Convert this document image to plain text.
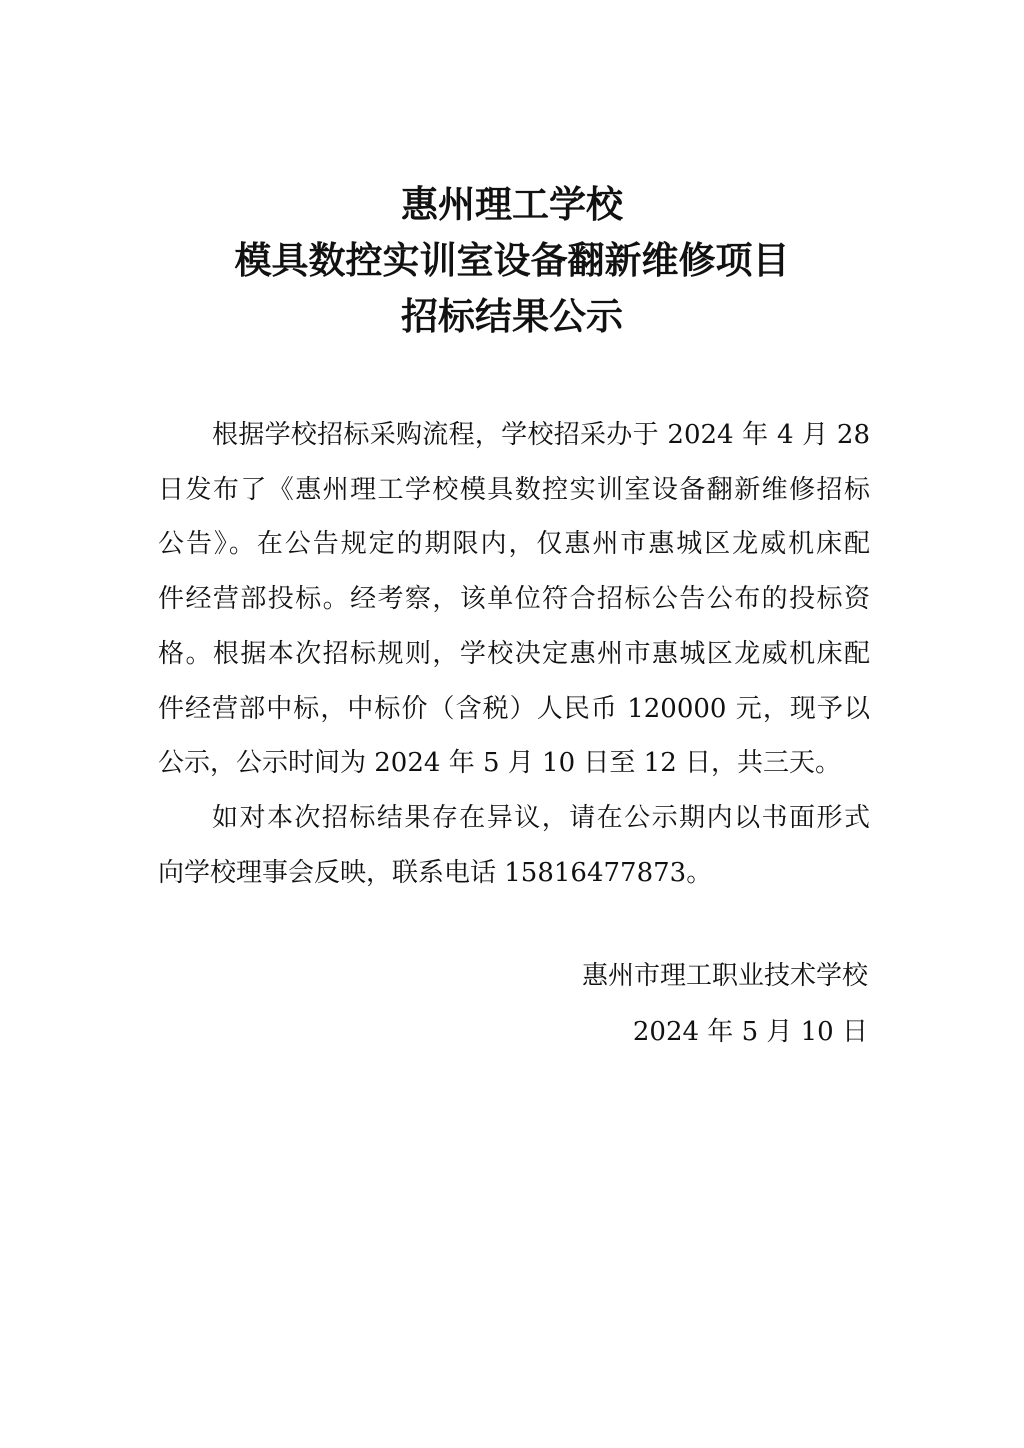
惠州理工学校
模具数控实训室设备翻新维修项目
招标结果公示
根据学校招标采购流程，学校招采办于 2024 年 4 月 28
日发布了《惠州理工学校模具数控实训室设备翻新维修招标
公告》。在公告规定的期限内，仅惠州市惠城区龙威机床配
件经营部投标。经考察，该单位符合招标公告公布的投标资
格。根据本次招标规则，学校决定惠州市惠城区龙威机床配
件经营部中标，中标价（含税）人民币 120000 元，现予以
公示，公示时间为 2024 年 5 月 10 日至 12 日，共三天。
如对本次招标结果存在异议，请在公示期内以书面形式
向学校理事会反映，联系电话 15816477873。
惠州市理工职业技术学校
2024 年 5 月 10 日
